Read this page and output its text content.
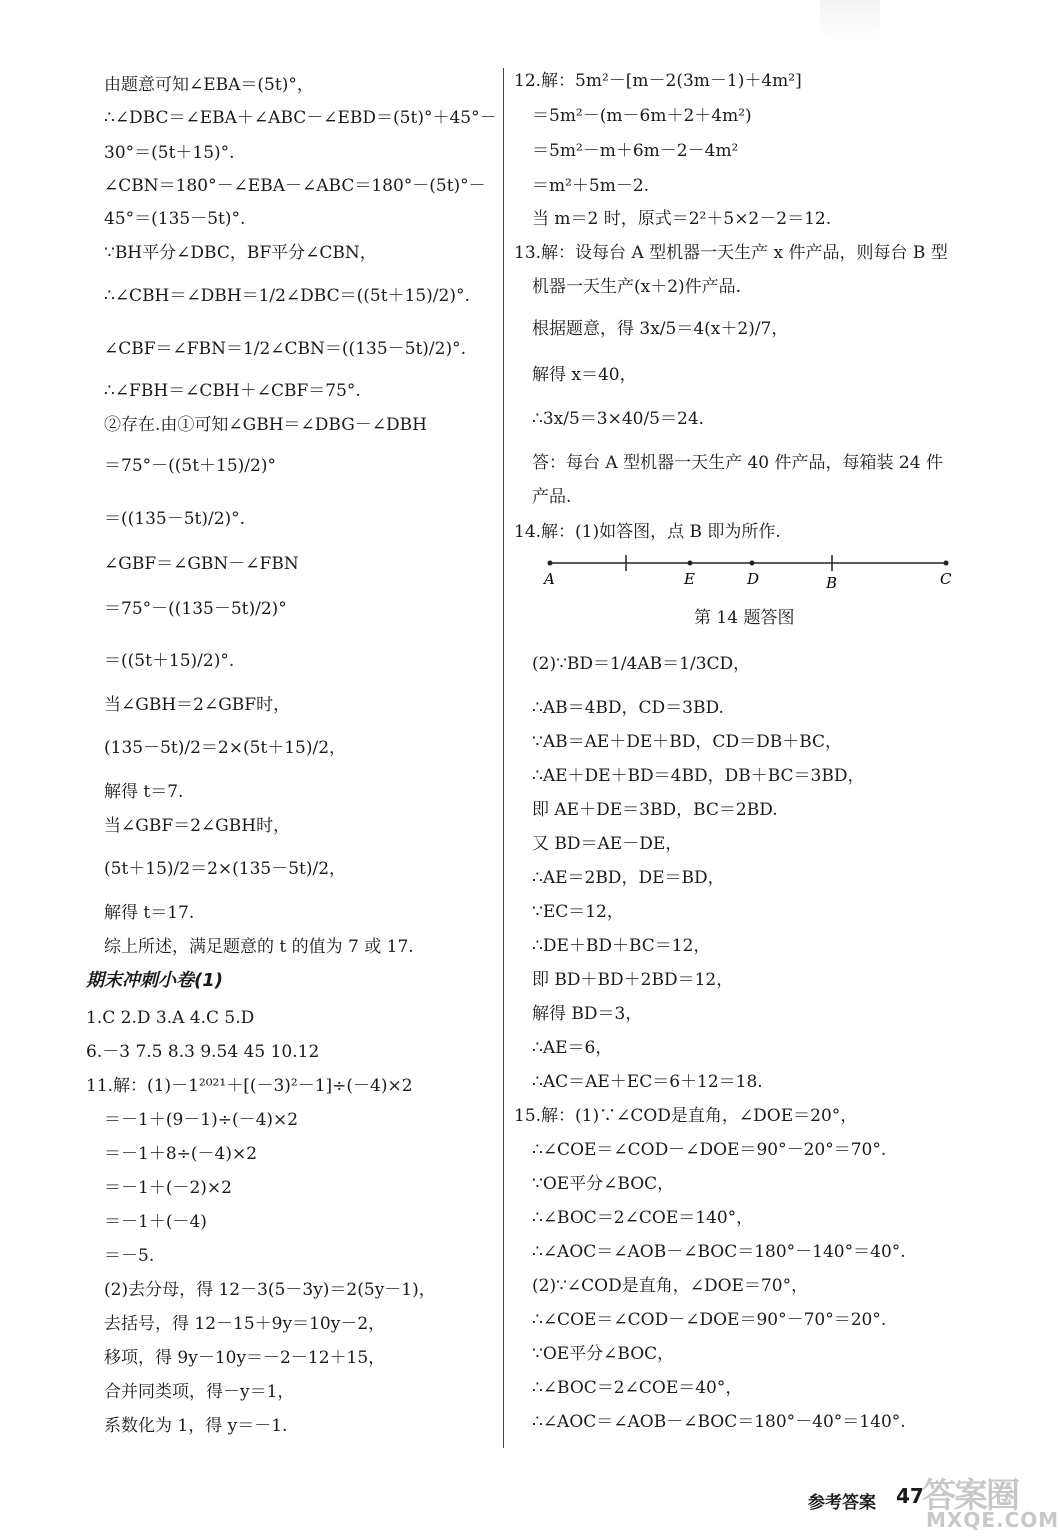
由题意可知∠EBA＝(5t)°，
∴∠DBC＝∠EBA＋∠ABC－∠EBD＝(5t)°＋45°－
30°＝(5t＋15)°.
∠CBN＝180°－∠EBA－∠ABC＝180°－(5t)°－
45°＝(135－5t)°.
∵BH平分∠DBC，BF平分∠CBN，
∴∠CBH＝∠DBH＝1/2∠DBC＝((5t＋15)/2)°.
∠CBF＝∠FBN＝1/2∠CBN＝((135－5t)/2)°.
∴∠FBH＝∠CBH＋∠CBF＝75°.
②存在.由①可知∠GBH＝∠DBG－∠DBH
＝75°－((5t＋15)/2)°
＝((135－5t)/2)°.
∠GBF＝∠GBN－∠FBN
＝75°－((135－5t)/2)°
＝((5t＋15)/2)°.
当∠GBH＝2∠GBF时，
(135－5t)/2＝2×(5t＋15)/2，
解得 t＝7.
当∠GBF＝2∠GBH时，
(5t＋15)/2＝2×(135－5t)/2，
解得 t＝17.
综上所述，满足题意的 t 的值为 7 或 17.
1.C 2.D 3.A 4.C 5.D
6.－3 7.5 8.3 9.54 45 10.12
11.解：(1)－1²⁰²¹＋[(－3)²－1]÷(－4)×2
＝－1＋(9－1)÷(－4)×2
＝－1＋8÷(－4)×2
＝－1＋(－2)×2
＝－1＋(－4)
＝－5.
(2)去分母，得 12－3(5－3y)＝2(5y－1)，
去括号，得 12－15＋9y＝10y－2，
移项，得 9y－10y＝－2－12＋15，
合并同类项，得－y＝1，
系数化为 1，得 y＝－1.
期末冲刺小卷(1)
12.解：5m²－[m－2(3m－1)＋4m²]
＝5m²－(m－6m＋2＋4m²)
＝5m²－m＋6m－2－4m²
＝m²＋5m－2.
当 m＝2 时，原式＝2²＋5×2－2＝12.
13.解：设每台 A 型机器一天生产 x 件产品，则每台 B 型
机器一天生产(x＋2)件产品.
根据题意，得 3x/5＝4(x＋2)/7，
解得 x＝40，
∴3x/5＝3×40/5＝24.
答：每台 A 型机器一天生产 40 件产品，每箱装 24 件
产品.
14.解：(1)如答图，点 B 即为所作.
(2)∵BD＝1/4AB＝1/3CD，
∴AB＝4BD，CD＝3BD.
∵AB＝AE＋DE＋BD，CD＝DB＋BC，
∴AE＋DE＋BD＝4BD，DB＋BC＝3BD，
即 AE＋DE＝3BD，BC＝2BD.
又 BD＝AE－DE，
∴AE＝2BD，DE＝BD，
∵EC＝12，
∴DE＋BD＋BC＝12，
即 BD＋BD＋2BD＝12，
解得 BD＝3，
∴AE＝6，
∴AC＝AE＋EC＝6＋12＝18.
15.解：(1)∵∠COD是直角，∠DOE＝20°，
∴∠COE＝∠COD－∠DOE＝90°－20°＝70°.
∵OE平分∠BOC，
∴∠BOC＝2∠COE＝140°，
∴∠AOC＝∠AOB－∠BOC＝180°－140°＝40°.
(2)∵∠COD是直角，∠DOE＝70°，
∴∠COE＝∠COD－∠DOE＝90°－70°＝20°.
∵OE平分∠BOC，
∴∠BOC＝2∠COE＝40°，
∴∠AOC＝∠AOB－∠BOC＝180°－40°＝140°.
A	E	D	B	C
第 14 题答图
参考答案 47
答案圈
MXQE.COM
